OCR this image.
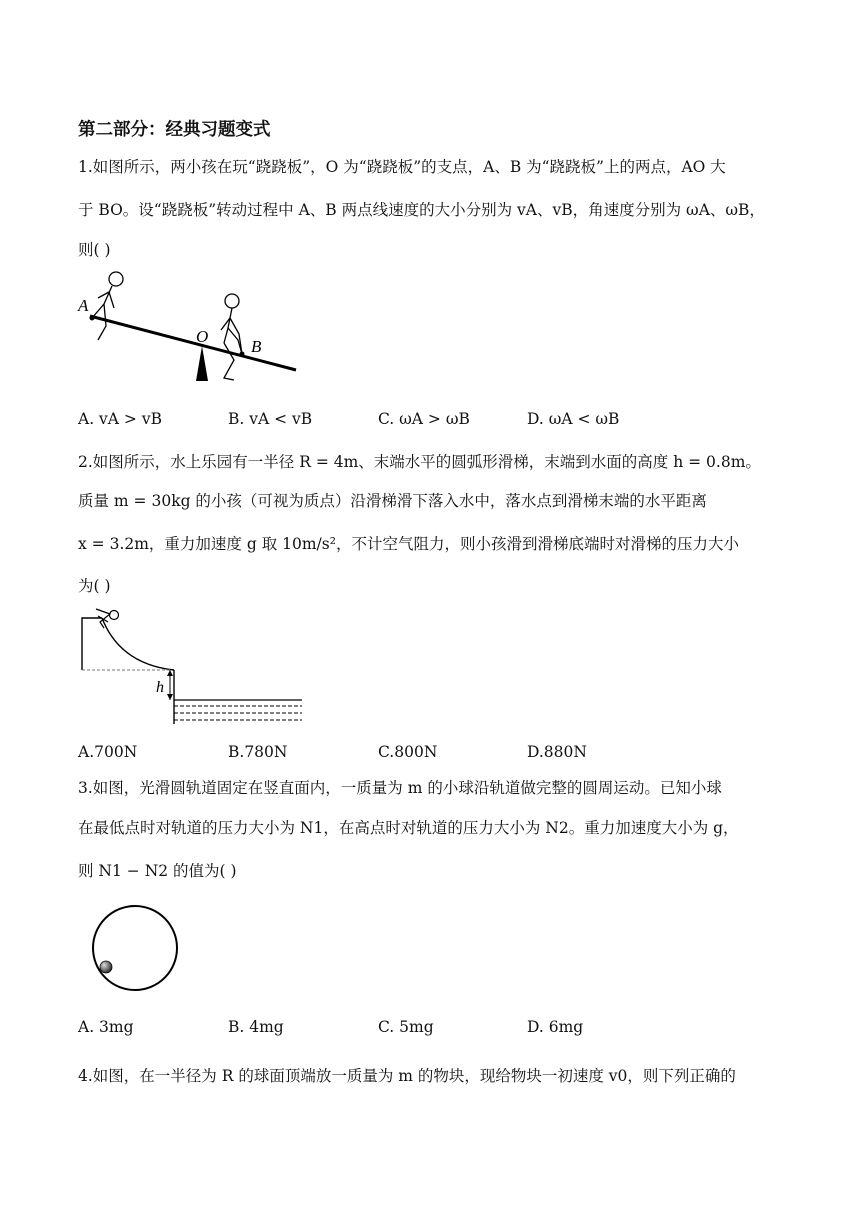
第二部分：经典习题变式
1.如图所示，两小孩在玩“跷跷板”，O 为“跷跷板”的支点，A、B 为“跷跷板”上的两点，AO 大
于 BO。设“跷跷板”转动过程中 A、B 两点线速度的大小分别为 vA、vB，角速度分别为 ωA、ωB，
则( )
A
O
B
A. vA > vB	B. vA < vB	C. ωA > ωB	D. ωA < ωB
2.如图所示，水上乐园有一半径 R = 4m、末端水平的圆弧形滑梯，末端到水面的高度 h = 0.8m。
质量 m = 30kg 的小孩（可视为质点）沿滑梯滑下落入水中，落水点到滑梯末端的水平距离
x = 3.2m，重力加速度 g 取 10m/s²，不计空气阻力，则小孩滑到滑梯底端时对滑梯的压力大小
为( )
h
A.700N	B.780N	C.800N	D.880N
3.如图，光滑圆轨道固定在竖直面内，一质量为 m 的小球沿轨道做完整的圆周运动。已知小球
在最低点时对轨道的压力大小为 N1，在高点时对轨道的压力大小为 N2。重力加速度大小为 g，
则 N1 − N2 的值为( )
A. 3mg	B. 4mg	C. 5mg	D. 6mg
4.如图，在一半径为 R 的球面顶端放一质量为 m 的物块，现给物块一初速度 v0，则下列正确的
